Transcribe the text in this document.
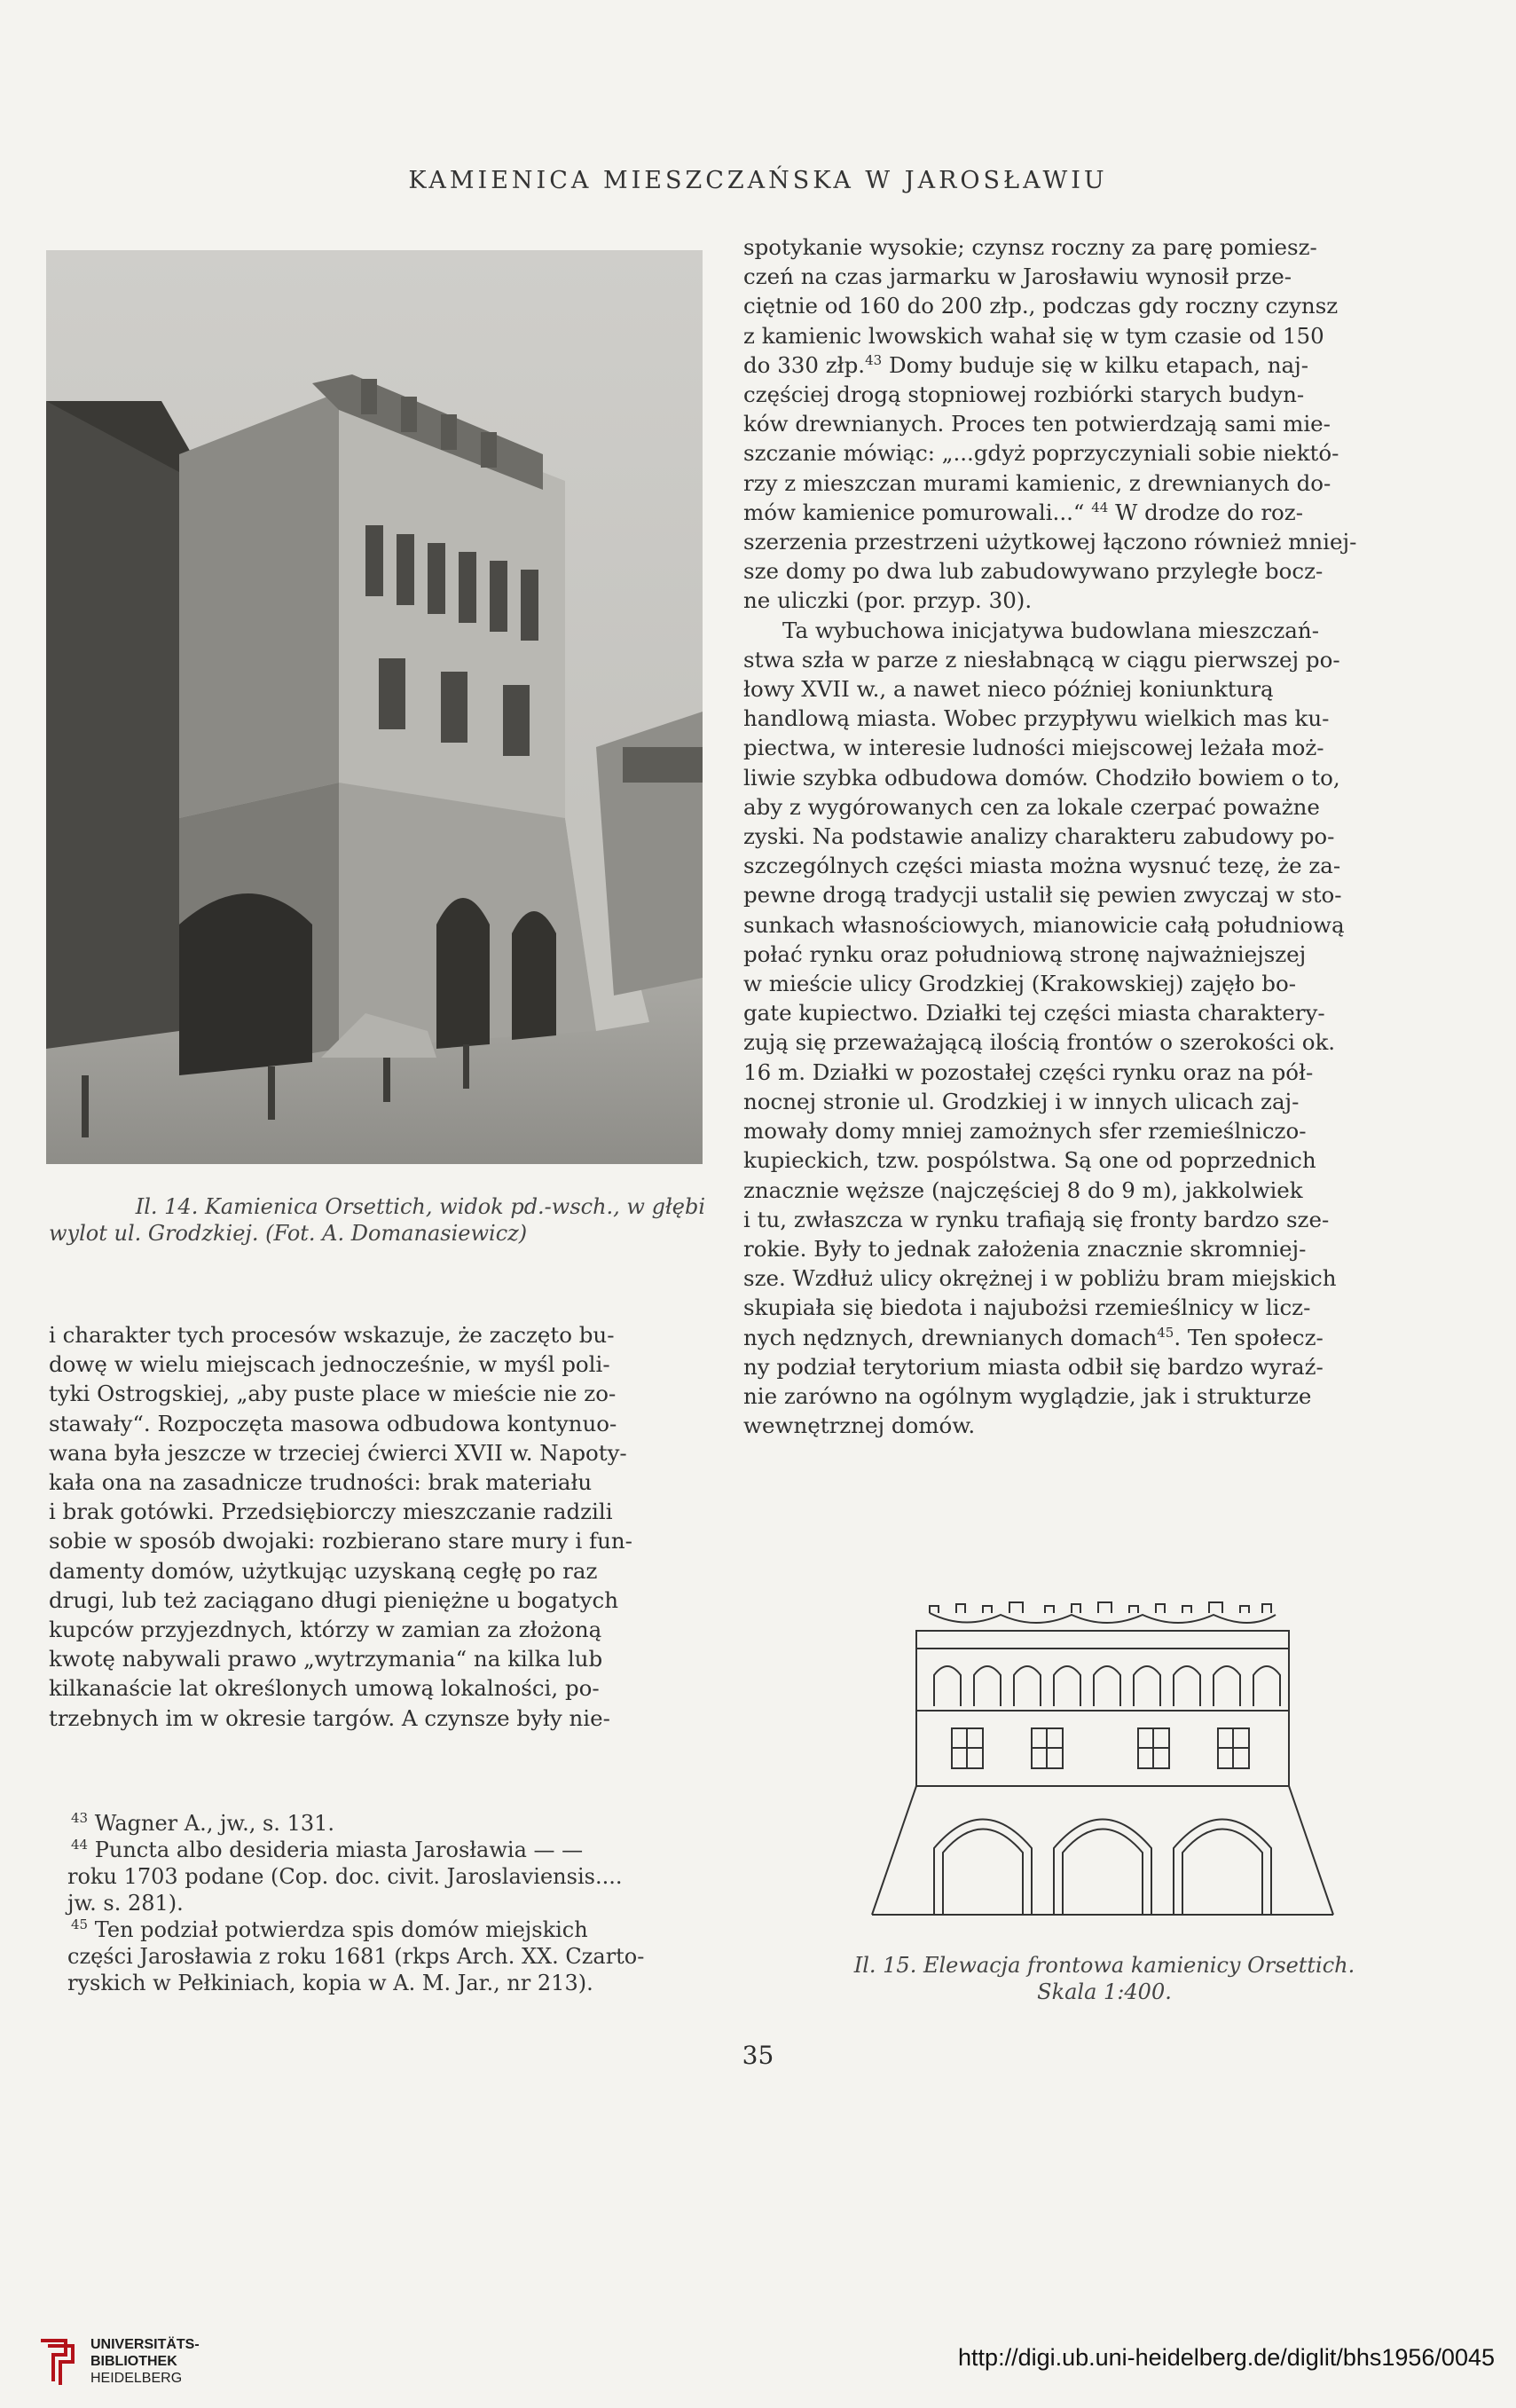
KAMIENICA MIESZCZAŃSKA W JAROSŁAWIU
Il. 14. Kamienica Orsettich, widok pd.-wsch., w głębi
wylot ul. Grodzkiej. (Fot. A. Domanasiewicz)

i charakter tych procesów wskazuje, że zaczęto bu-

dowę w wielu miejscach jednocześnie, w myśl poli-

tyki Ostrogskiej, „aby puste place w mieście nie zo-

stawały“. Rozpoczęta masowa odbudowa kontynuo-

wana była jeszcze w trzeciej ćwierci XVII w. Napoty-

kała ona na zasadnicze trudności: brak materiału

i brak gotówki. Przedsiębiorczy mieszczanie radzili

sobie w sposób dwojaki: rozbierano stare mury i fun-

damenty domów, użytkując uzyskaną cegłę po raz

drugi, lub też zaciągano długi pieniężne u bogatych

kupców przyjezdnych, którzy w zamian za złożoną

kwotę nabywali prawo „wytrzymania“ na kilka lub

kilkanaście lat określonych umową lokalności, po-

trzebnych im w okresie targów. A czynsze były nie-

$^{43}$ Wagner A., jw., s. 131.

$^{44}$ Puncta albo desideria miasta Jarosławia — —

roku 1703 podane (Cop. doc. civit. Jaroslaviensis....

jw. s. 281).

$^{45}$ Ten podział potwierdza spis domów miejskich

części Jarosławia z roku 1681 (rkps Arch. XX. Czarto-

ryskich w Pełkiniach, kopia w A. M. Jar., nr 213).

spotykanie wysokie; czynsz roczny za parę pomiesz-

czeń na czas jarmarku w Jarosławiu wynosił prze-

ciętnie od 160 do 200 złp., podczas gdy roczny czynsz

z kamienic lwowskich wahał się w tym czasie od 150

do 330 złp.$^{43}$ Domy buduje się w kilku etapach, naj-

częściej drogą stopniowej rozbiórki starych budyn-

ków drewnianych. Proces ten potwierdzają sami mie-

szczanie mówiąc: „...gdyż poprzyczyniali sobie niektó-

rzy z mieszczan murami kamienic, z drewnianych do-

mów kamienice pomurowali...“ $^{44}$ W drodze do roz-

szerzenia przestrzeni użytkowej łączono również mniej-

sze domy po dwa lub zabudowywano przyległe bocz-

ne uliczki (por. przyp. 30).

Ta wybuchowa inicjatywa budowlana mieszczań-

stwa szła w parze z niesłabnącą w ciągu pierwszej po-

łowy XVII w., a nawet nieco później koniunkturą

handlową miasta. Wobec przypływu wielkich mas ku-

piectwa, w interesie ludności miejscowej leżała moż-

liwie szybka odbudowa domów. Chodziło bowiem o to,

aby z wygórowanych cen za lokale czerpać poważne

zyski. Na podstawie analizy charakteru zabudowy po-

szczególnych części miasta można wysnuć tezę, że za-

pewne drogą tradycji ustalił się pewien zwyczaj w sto-

sunkach własnościowych, mianowicie całą południową

połać rynku oraz południową stronę najważniejszej

w mieście ulicy Grodzkiej (Krakowskiej) zajęło bo-

gate kupiectwo. Działki tej części miasta charaktery-

zują się przeważającą ilością frontów o szerokości ok.

16 m. Działki w pozostałej części rynku oraz na pół-

nocnej stronie ul. Grodzkiej i w innych ulicach zaj-

mowały domy mniej zamożnych sfer rzemieślniczo-

kupieckich, tzw. pospólstwa. Są one od poprzednich

znacznie węższe (najczęściej 8 do 9 m), jakkolwiek

i tu, zwłaszcza w rynku trafiają się fronty bardzo sze-

rokie. Były to jednak założenia znacznie skromniej-

sze. Wzdłuż ulicy okrężnej i w pobliżu bram miejskich

skupiała się biedota i najubożsi rzemieślnicy w licz-

nych nędznych, drewnianych domach$^{45}$. Ten społecz-

ny podział terytorium miasta odbił się bardzo wyraź-

nie zarówno na ogólnym wyglądzie, jak i strukturze

wewnętrznej domów.

Il. 15. Elewacja frontowa kamienicy Orsettich.
Skala 1:400.
35
UNIVERSITÄTS-
BIBLIOTHEK
HEIDELBERG
http://digi.ub.uni-heidelberg.de/diglit/bhs1956/0045
